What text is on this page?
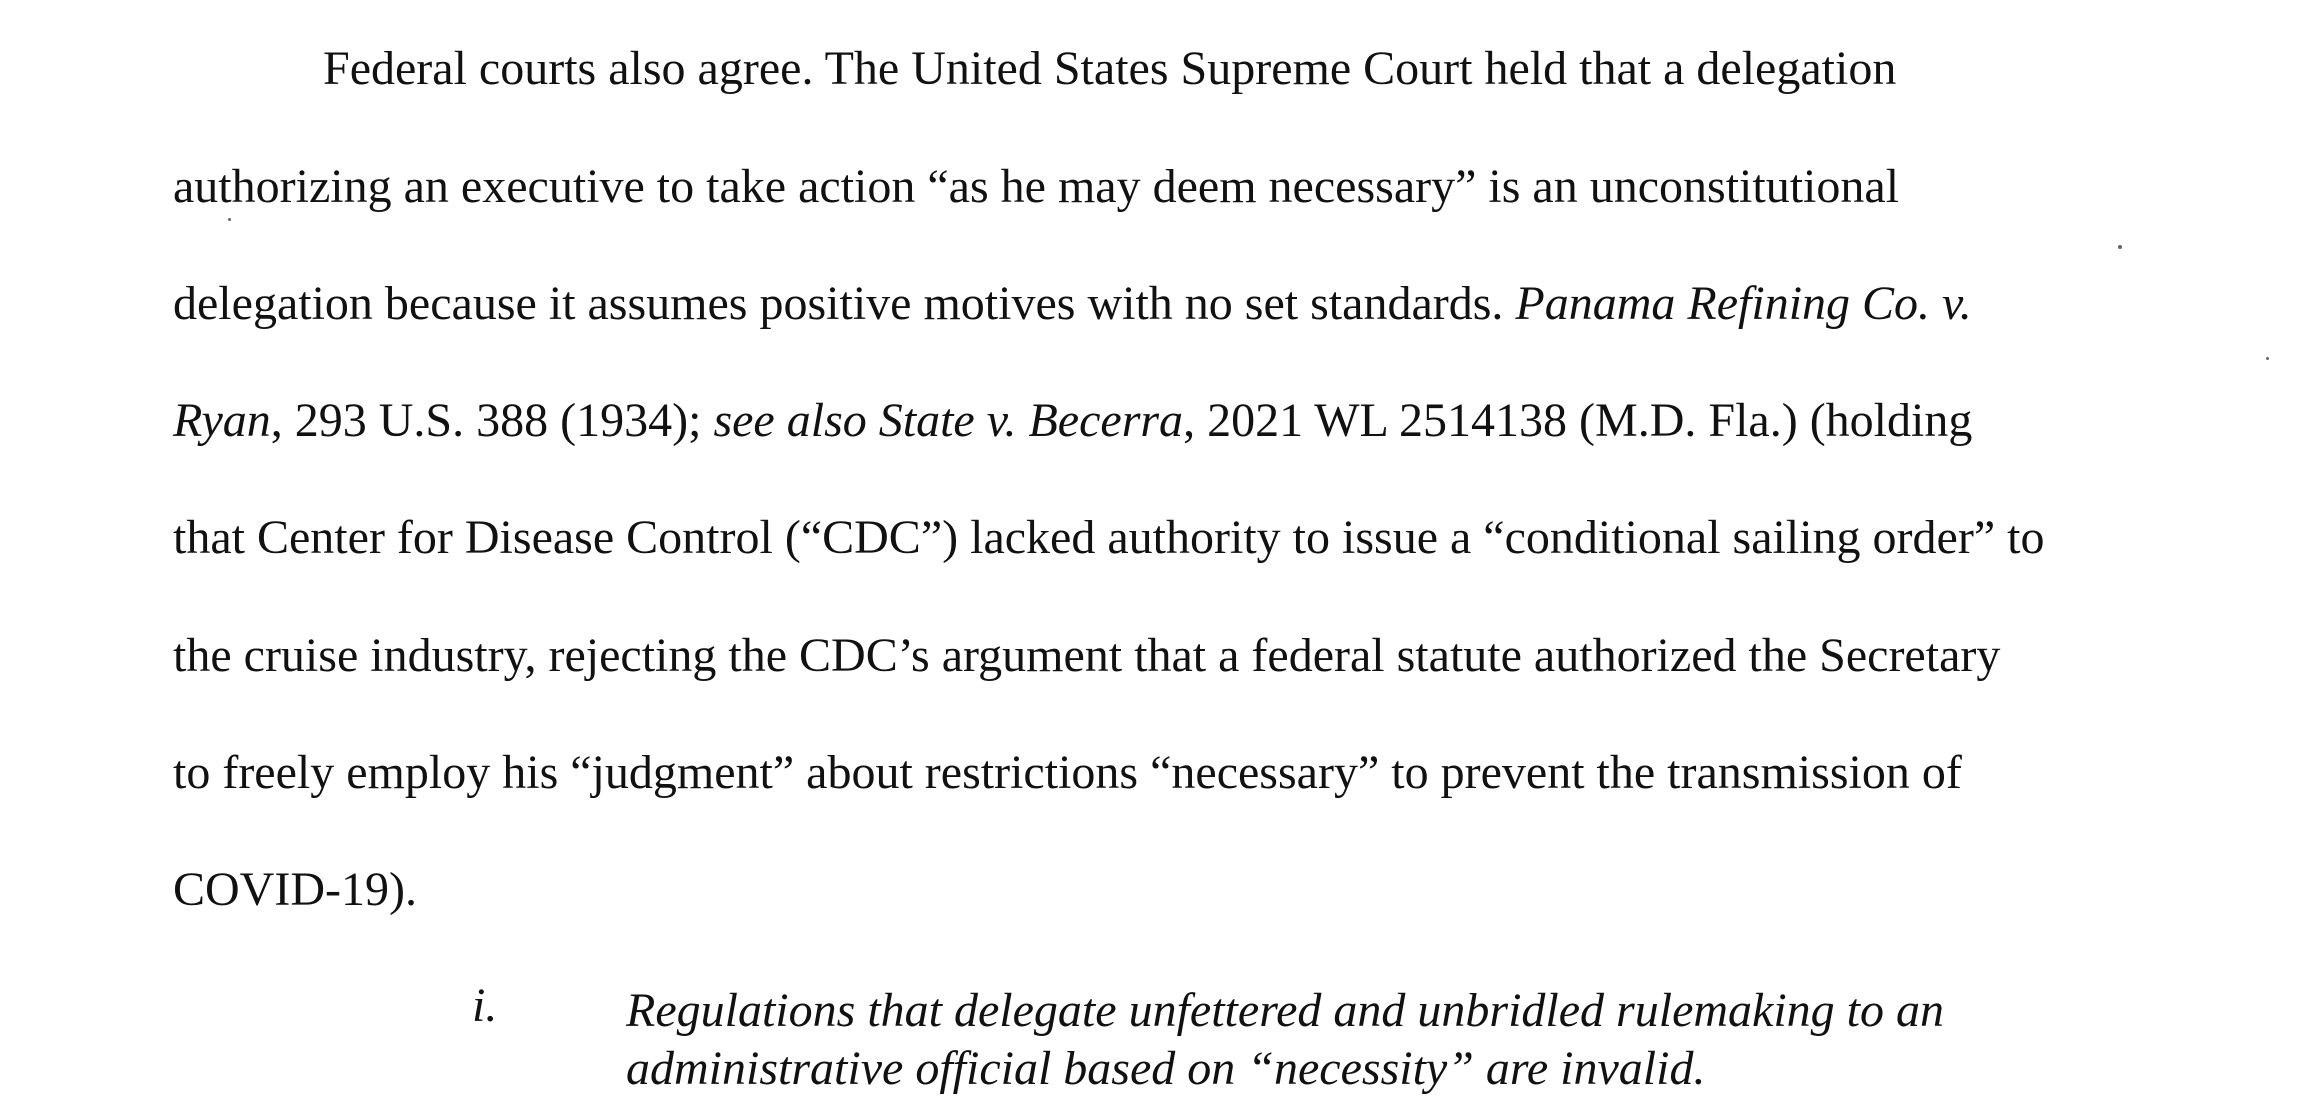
Federal courts also agree. The United States Supreme Court held that a delegation
authorizing an executive to take action “as he may deem necessary” is an unconstitutional
delegation because it assumes positive motives with no set standards. Panama Refining Co. v.
Ryan, 293 U.S. 388 (1934); see also State v. Becerra, 2021 WL 2514138 (M.D. Fla.) (holding
that Center for Disease Control (“CDC”) lacked authority to issue a “conditional sailing order” to
the cruise industry, rejecting the CDC’s argument that a federal statute authorized the Secretary
to freely employ his “judgment” about restrictions “necessary” to prevent the transmission of
COVID-19).
i.	Regulations that delegate unfettered and unbridled rulemaking to an
administrative official based on “necessity” are invalid.
